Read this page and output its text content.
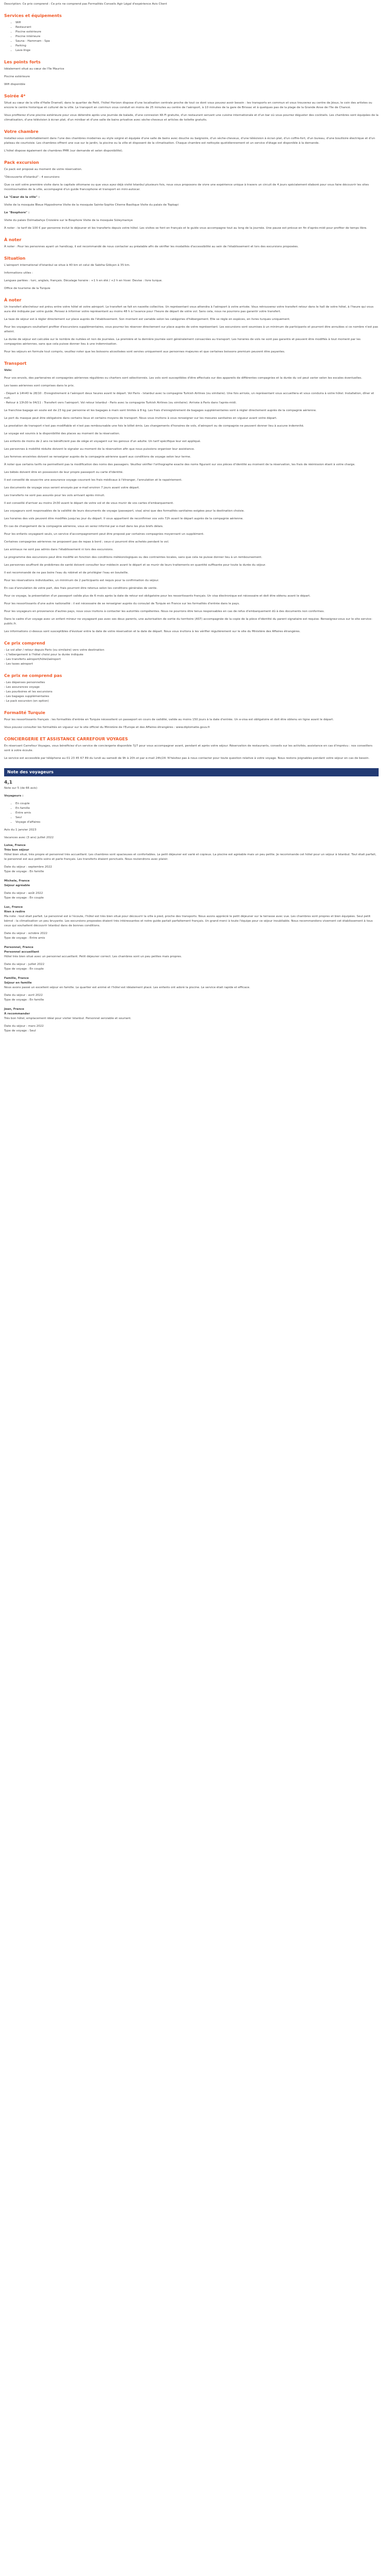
Description: Ce prix comprend : Ce prix ne comprend pas Formalités Conseils Agir Légal d'expérience Avis Client

Services et équipements
• Wifi
• Restaurant
• Piscine extérieure
• Piscine intérieure
• Sauna - Hammam - Spa
• Parking
• Lave-linge
Les points forts

Idéalement situé au cœur de l'île Maurice

Piscine extérieure

Wifi disponible

Soirée 4*

Situé au cœur de la ville d'Halle Dramell, dans le quartier de Petit, l'hôtel Horizon dispose d'une localisation centrale proche de tout ce dont vous pouvez avoir besoin : les transports en commun et vous trouverez au centre de Jésus, le coin des artistes ou encore le centre historique et culturel de la ville. Le transport en commun vous conduit en moins de 25 minutes au centre de l'aéroport, à 10 minutes de la gare de Brissac et à quelques pas de la plage de la Grande Anse de l'île de Chancé.

Vous profiterez d'une piscine extérieure pour vous détendre après une journée de balade, d'une connexion Wi-Fi gratuite, d'un restaurant servant une cuisine internationale et d'un bar où vous pourrez déguster des cocktails. Les chambres sont équipées de la climatisation, d'une télévision à écran plat, d'un minibar et d'une salle de bains privative avec sèche-cheveux et articles de toilette gratuits.

Votre chambre

Installez-vous confortablement dans l'une des chambres modernes au style soigné et équipée d'une salle de bains avec douche ou baignoire, d'un sèche-cheveux, d'une télévision à écran plat, d'un coffre-fort, d'un bureau, d'une bouilloire électrique et d'un plateau de courtoisie. Les chambres offrent une vue sur le jardin, la piscine ou la ville et disposent de la climatisation. Chaque chambre est nettoyée quotidiennement et un service d'étage est disponible à la demande.

L'hôtel dispose également de chambres PMR (sur demande et selon disponibilité).

Pack excursion

Ce pack est proposé au moment de votre réservation.

"Découverte d'Istanbul" : 4 excursions

Que ce soit votre première visite dans la capitale ottomane ou que vous ayez déjà visité Istanbul plusieurs fois, nous vous proposons de vivre une expérience unique à travers un circuit de 4 jours spécialement élaboré pour vous faire découvrir les sites incontournables de la ville, accompagné d'un guide francophone et transport en mini-autocar.

Le "Cœur de la ville" :

Visite de la mosquée Bleue Hippodrome Visite de la mosquée Sainte-Sophie Citerne Basilique Visite du palais de Topkapi

Le "Bosphore" :

Visite du palais Dolmabahçe Croisière sur le Bosphore Visite de la mosquée Süleymaniye

À noter : le tarif de 100 € par personne inclut le déjeuner et les transferts depuis votre hôtel. Les visites se font en français et le guide vous accompagne tout au long de la journée. Une pause est prévue en fin d'après-midi pour profiter de temps libre.

À noter

À noter : Pour les personnes ayant un handicap, il est recommandé de nous contacter au préalable afin de vérifier les modalités d'accessibilité au sein de l'établissement et lors des excursions proposées.

Situation

L'aéroport international d'Istanbul se situe à 40 km et celui de Sabiha Gökçen à 35 km.

Informations utiles :

Langues parlées : turc, anglais, français. Décalage horaire : +1 h en été / +2 h en hiver. Devise : livre turque.

Office de tourisme de la Turquie

À noter

Un transfert aller/retour est prévu entre votre hôtel et votre aéroport. Le transfert se fait en navette collective. Un représentant vous attendra à l'aéroport à votre arrivée. Vous retrouverez votre transfert retour dans le hall de votre hôtel, à l'heure qui vous aura été indiquée par votre guide. Pensez à informer votre représentant au moins 48 h à l'avance pour l'heure de départ de votre vol. Sans cela, nous ne pourrons pas garantir votre transfert.

La taxe de séjour est à régler directement sur place auprès de l'établissement. Son montant est variable selon les catégories d'hébergement. Elle se règle en espèces, en livres turques uniquement.

Pour les voyageurs souhaitant profiter d'excursions supplémentaires, vous pourrez les réserver directement sur place auprès de votre représentant. Les excursions sont soumises à un minimum de participants et pourront être annulées si ce nombre n'est pas atteint.

La durée de séjour est calculée sur le nombre de nuitées et non de journées. La première et la dernière journée sont généralement consacrées au transport. Les horaires de vols ne sont pas garantis et peuvent être modifiés à tout moment par les compagnies aériennes, sans que cela puisse donner lieu à une indemnisation.

Pour les séjours en formule tout compris, veuillez noter que les boissons alcoolisées sont servies uniquement aux personnes majeures et que certaines boissons premium peuvent être payantes.

Transport

Vols:

Pour vos envols, des partenaires et compagnies aériennes régulières ou charters sont sélectionnés. Les vols sont susceptibles d'être effectués sur des appareils de différentes compagnies et la durée du vol peut varier selon les escales éventuelles.

Les taxes aériennes sont comprises dans le prix.

- Départ à 14h40 le 28/10 : Enregistrement à l'aéroport deux heures avant le départ. Vol Paris - Istanbul avec la compagnie Turkish Airlines (ou similaire). Une fois arrivés, un représentant vous accueillera et vous conduira à votre hôtel. Installation, dîner et nuit.
- Retour à 13h30 le 04/11 : Transfert vers l'aéroport. Vol retour Istanbul - Paris avec la compagnie Turkish Airlines (ou similaire). Arrivée à Paris dans l'après-midi.

Le franchise bagage en soute est de 23 kg par personne et les bagages à main sont limités à 8 kg. Les frais d'enregistrement de bagages supplémentaires sont à régler directement auprès de la compagnie aérienne.

Le port du masque peut être obligatoire dans certains lieux et certains moyens de transport. Nous vous invitons à vous renseigner sur les mesures sanitaires en vigueur avant votre départ.

La prestation de transport n'est pas modifiable et n'est pas remboursable une fois le billet émis. Les changements d'horaires de vols, d'aéroport ou de compagnie ne peuvent donner lieu à aucune indemnité.

Le voyage est soumis à la disponibilité des places au moment de la réservation.

Les enfants de moins de 2 ans ne bénéficient pas de siège et voyagent sur les genoux d'un adulte. Un tarif spécifique leur est appliqué.

Les personnes à mobilité réduite doivent le signaler au moment de la réservation afin que nous puissions organiser leur assistance.

Les femmes enceintes doivent se renseigner auprès de la compagnie aérienne quant aux conditions de voyage selon leur terme.

À noter que certains tarifs ne permettent pas la modification des noms des passagers. Veuillez vérifier l'orthographe exacte des noms figurant sur vos pièces d'identité au moment de la réservation, les frais de réémission étant à votre charge.

Les bébés doivent être en possession de leur propre passeport ou carte d'identité.

Il est conseillé de souscrire une assurance voyage couvrant les frais médicaux à l'étranger, l'annulation et le rapatriement.

Les documents de voyage vous seront envoyés par e-mail environ 7 jours avant votre départ.

Les transferts ne sont pas assurés pour les vols arrivant après minuit.

Il est conseillé d'arriver au moins 2h30 avant le départ de votre vol et de vous munir de vos cartes d'embarquement.

Les voyageurs sont responsables de la validité de leurs documents de voyage (passeport, visa) ainsi que des formalités sanitaires exigées pour la destination choisie.

Les horaires des vols peuvent être modifiés jusqu'au jour du départ. Il vous appartient de reconfirmer vos vols 72h avant le départ auprès de la compagnie aérienne.

En cas de changement de la compagnie aérienne, vous en serez informé par e-mail dans les plus brefs délais.

Pour les enfants voyageant seuls, un service d'accompagnement peut être proposé par certaines compagnies moyennant un supplément.

Certaines compagnies aériennes ne proposent pas de repas à bord ; ceux-ci pourront être achetés pendant le vol.

Les animaux ne sont pas admis dans l'établissement ni lors des excursions.

Le programme des excursions peut être modifié en fonction des conditions météorologiques ou des contraintes locales, sans que cela ne puisse donner lieu à un remboursement.

Les personnes souffrant de problèmes de santé doivent consulter leur médecin avant le départ et se munir de leurs traitements en quantité suffisante pour toute la durée du séjour.

Il est recommandé de ne pas boire l'eau du robinet et de privilégier l'eau en bouteille.

Pour les réservations individuelles, un minimum de 2 participants est requis pour la confirmation du séjour.

En cas d'annulation de votre part, des frais pourront être retenus selon les conditions générales de vente.

Pour ce voyage, la présentation d'un passeport valide plus de 6 mois après la date de retour est obligatoire pour les ressortissants français. Un visa électronique est nécessaire et doit être obtenu avant le départ.

Pour les ressortissants d'une autre nationalité : il est nécessaire de se renseigner auprès du consulat de Turquie en France sur les formalités d'entrée dans le pays.

Pour les voyageurs en provenance d'autres pays, nous vous invitons à contacter les autorités compétentes. Nous ne pourrons être tenus responsables en cas de refus d'embarquement dû à des documents non conformes.

Dans le cadre d'un voyage avec un enfant mineur ne voyageant pas avec ses deux parents, une autorisation de sortie du territoire (AST) accompagnée de la copie de la pièce d'identité du parent signataire est requise. Renseignez-vous sur le site service-public.fr.

Les informations ci-dessus sont susceptibles d'évoluer entre la date de votre réservation et la date de départ. Nous vous invitons à les vérifier régulièrement sur le site du Ministère des Affaires étrangères.

Ce prix comprend

- Le vol aller / retour depuis Paris (ou similaire) vers votre destination

- L'hébergement à l'hôtel choisi pour la durée indiquée

- Les transferts aéroport/hôtel/aéroport

- Les taxes aéroport

Ce prix ne comprend pas

- Les dépenses personnelles

- Les assurances voyage

- Les pourboires et les excursions

- Les bagages supplémentaires

- Le pack excursion (en option)

Formalité Turquie

Pour les ressortissants français : les formalités d'entrée en Turquie nécessitent un passeport en cours de validité, valide au moins 150 jours à la date d'entrée. Un e-visa est obligatoire et doit être obtenu en ligne avant le départ.

Vous pouvez consulter les formalités en vigueur sur le site officiel du Ministère de l'Europe et des Affaires étrangères : www.diplomatie.gouv.fr

CONCIERGERIE ET ASSISTANCE CARREFOUR VOYAGES

En réservant Carrefour Voyages, vous bénéficiez d'un service de conciergerie disponible 7j/7 pour vous accompagner avant, pendant et après votre séjour. Réservation de restaurants, conseils sur les activités, assistance en cas d'imprévu : nos conseillers sont à votre écoute.

Le service est accessible par téléphone au 01 23 45 67 89 du lundi au samedi de 9h à 20h et par e-mail 24h/24. N'hésitez pas à nous contacter pour toute question relative à votre voyage. Nous restons joignables pendant votre séjour en cas de besoin.

Note des voyageurs

4,1

Note sur 5 (de 66 avis)

Voyageurs :

• En couple
• En famille
• Entre amis
• Seul
• Voyage d'affaires

Avis du 1 janvier 2023

Vacances avec (3 ans) juillet 2022

Luisa, France

Très bon séjour

Hôtel bien situé, très propre et personnel très accueillant. Les chambres sont spacieuses et confortables. Le petit déjeuner est varié et copieux. La piscine est agréable mais un peu petite. Je recommande cet hôtel pour un séjour à Istanbul. Tout était parfait, le personnel est aux petits soins et parle français. Les transferts étaient ponctuels. Nous reviendrons avec plaisir.

Date du séjour : septembre 2022

Type de voyage : En famille

Michele, France

Séjour agréable

Date du séjour : août 2022

Type de voyage : En couple

Luc, France

Rien à redire

Ma note : tout était parfait. Le personnel est à l'écoute, l'hôtel est très bien situé pour découvrir la ville à pied, proche des transports. Nous avons apprécié le petit déjeuner sur la terrasse avec vue. Les chambres sont propres et bien équipées. Seul petit bémol : la climatisation un peu bruyante. Les excursions proposées étaient très intéressantes et notre guide parlait parfaitement français. Un grand merci à toute l'équipe pour ce séjour inoubliable. Nous recommandons vivement cet établissement à tous ceux qui souhaitent découvrir Istanbul dans de bonnes conditions.

Date du séjour : octobre 2022

Type de voyage : Entre amis

Personnel, France

Personnel accueillant

Hôtel très bien situé avec un personnel accueillant. Petit déjeuner correct. Les chambres sont un peu petites mais propres.

Date du séjour : juillet 2022

Type de voyage : En couple

Famille, France

Séjour en famille

Nous avons passé un excellent séjour en famille. Le quartier est animé et l'hôtel est idéalement placé. Les enfants ont adoré la piscine. Le service était rapide et efficace.

Date du séjour : avril 2022

Type de voyage : En famille

Jean, France

À recommander

Très bon hôtel, emplacement idéal pour visiter Istanbul. Personnel serviable et souriant.

Date du séjour : mars 2022

Type de voyage : Seul
